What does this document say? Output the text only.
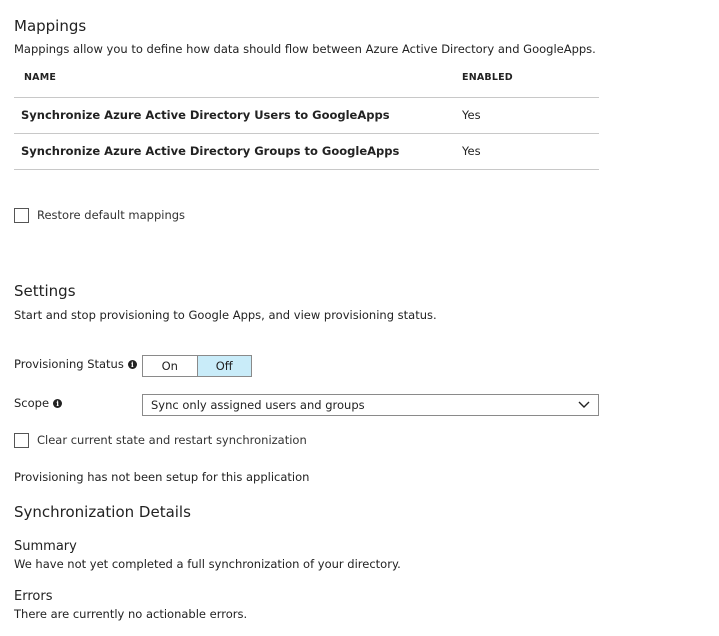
Mappings
Mappings allow you to define how data should flow between Azure Active Directory and GoogleApps.
NAME	ENABLED
Synchronize Azure Active Directory Users to GoogleApps	Yes
Synchronize Azure Active Directory Groups to GoogleApps	Yes
Restore default mappings
Settings
Start and stop provisioning to Google Apps, and view provisioning status.
Provisioning Status	i	On	Off
Scope	i	Sync only assigned users and groups
Clear current state and restart synchronization
Provisioning has not been setup for this application
Synchronization Details
Summary
We have not yet completed a full synchronization of your directory.
Errors
There are currently no actionable errors.
